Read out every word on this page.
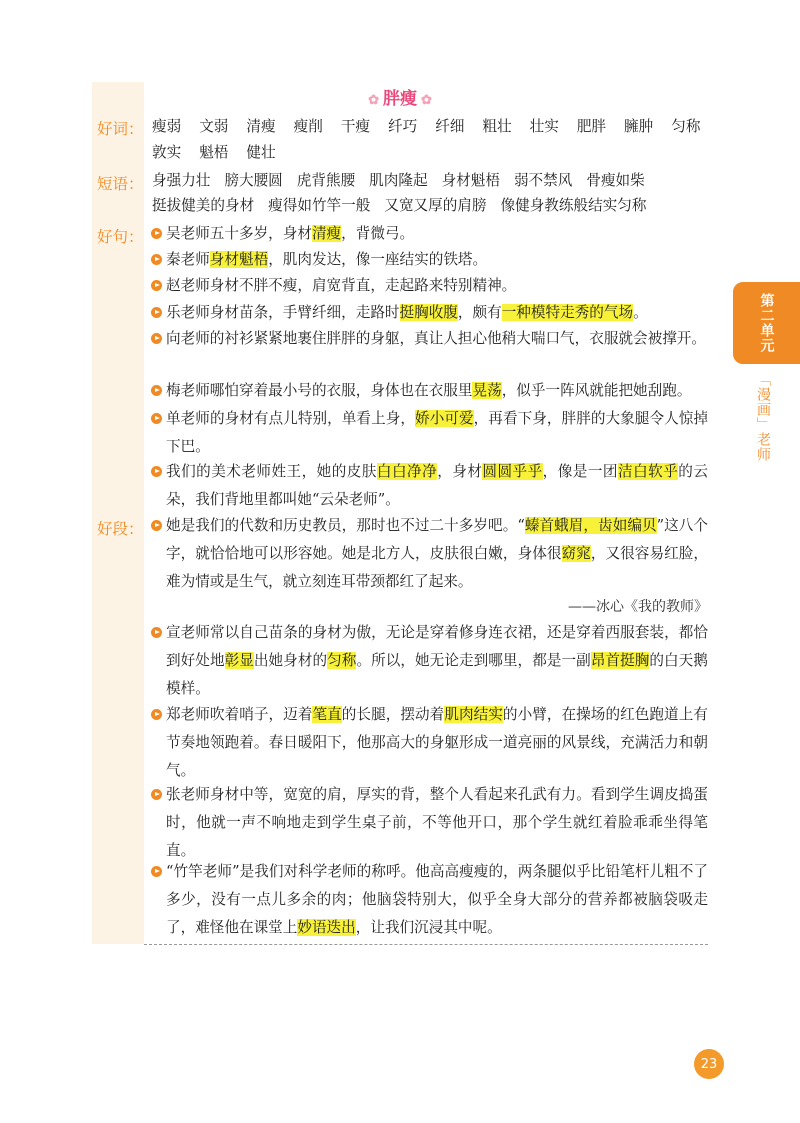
✿ 胖瘦 ✿
好词： 瘦弱 文弱 清瘦 瘦削 干瘦 纤巧 纤细 粗壮 壮实 肥胖 臃肿 匀称
敦实 魁梧 健壮
短语： 身强力壮 膀大腰圆 虎背熊腰 肌肉隆起 身材魁梧 弱不禁风 骨瘦如柴
挺拔健美的身材 瘦得如竹竿一般 又宽又厚的肩膀 像健身教练般结实匀称
好句：	吴老师五十多岁，身材清瘦，背微弓。
秦老师身材魁梧，肌肉发达，像一座结实的铁塔。
赵老师身材不胖不瘦，肩宽背直，走起路来特别精神。
乐老师身材苗条，手臂纤细，走路时挺胸收腹，颇有一种模特走秀的气场。
向老师的衬衫紧紧地裹住胖胖的身躯，真让人担心他稍大喘口气，衣服就会被撑开。
梅老师哪怕穿着最小号的衣服，身体也在衣服里晃荡，似乎一阵风就能把她刮跑。
单老师的身材有点儿特别，单看上身，娇小可爱，再看下身，胖胖的大象腿令人惊掉下巴。
我们的美术老师姓王，她的皮肤白白净净，身材圆圆乎乎，像是一团洁白软乎的云朵，我们背地里都叫她“云朵老师”。
好段：	她是我们的代数和历史教员，那时也不过二十多岁吧。“螓首蛾眉，齿如编贝”这八个字，就恰恰地可以形容她。她是北方人，皮肤很白嫩，身体很窈窕，又很容易红脸，难为情或是生气，就立刻连耳带颈都红了起来。
——冰心《我的教师》
宣老师常以自己苗条的身材为傲，无论是穿着修身连衣裙，还是穿着西服套装，都恰到好处地彰显出她身材的匀称。所以，她无论走到哪里，都是一副昂首挺胸的白天鹅模样。
郑老师吹着哨子，迈着笔直的长腿，摆动着肌肉结实的小臂，在操场的红色跑道上有节奏地领跑着。春日暖阳下，他那高大的身躯形成一道亮丽的风景线，充满活力和朝气。
张老师身材中等，宽宽的肩，厚实的背，整个人看起来孔武有力。看到学生调皮捣蛋时，他就一声不响地走到学生桌子前，不等他开口，那个学生就红着脸乖乖坐得笔直。
“竹竿老师”是我们对科学老师的称呼。他高高瘦瘦的，两条腿似乎比铅笔杆儿粗不了多少，没有一点儿多余的肉；他脑袋特别大，似乎全身大部分的营养都被脑袋吸走了，难怪他在课堂上妙语迭出，让我们沉浸其中呢。
第二单元
「漫画」老师
23
